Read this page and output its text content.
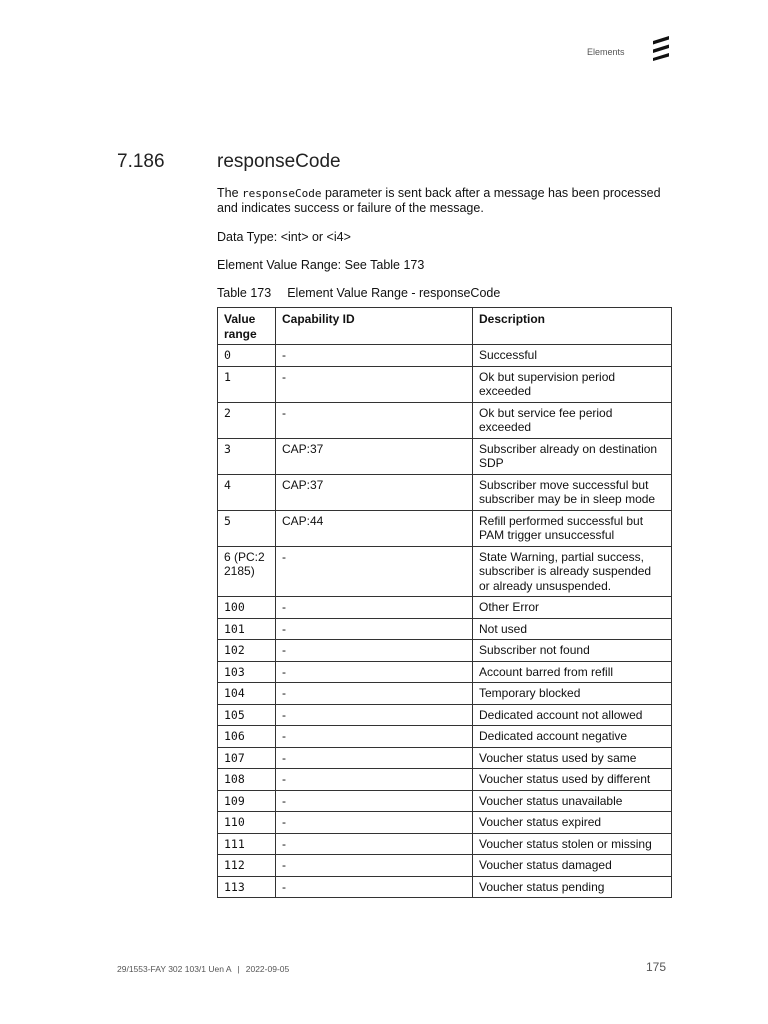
Elements
7.186	responseCode
The responseCode parameter is sent back after a message has been processed and indicates success or failure of the message.
Data Type: <int> or <i4>
Element Value Range: See Table 173
Table 173 Element Value Range - responseCode
Value range	Capability ID	Description
0	-	Successful
1	-	Ok but supervision period exceeded
2	-	Ok but service fee period exceeded
3	CAP:37	Subscriber already on destination SDP
4	CAP:37	Subscriber move successful but subscriber may be in sleep mode
5	CAP:44	Refill performed successful but PAM trigger unsuccessful
6 (PC:2 2185)	-	State Warning, partial success, subscriber is already suspended or already unsuspended.
100	-	Other Error
101	-	Not used
102	-	Subscriber not found
103	-	Account barred from refill
104	-	Temporary blocked
105	-	Dedicated account not allowed
106	-	Dedicated account negative
107	-	Voucher status used by same
108	-	Voucher status used by different
109	-	Voucher status unavailable
110	-	Voucher status expired
111	-	Voucher status stolen or missing
112	-	Voucher status damaged
113	-	Voucher status pending
29/1553-FAY 302 103/1 Uen A | 2022-09-05	175
